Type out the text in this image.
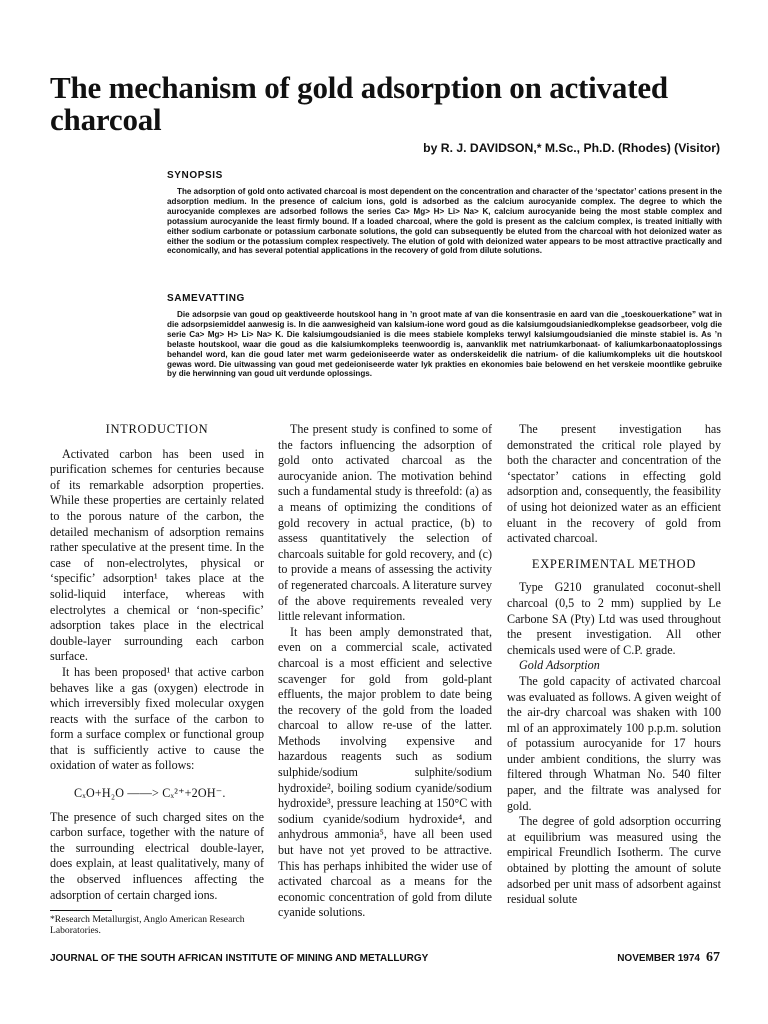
The mechanism of gold adsorption on activated charcoal
by R. J. DAVIDSON,* M.Sc., Ph.D. (Rhodes) (Visitor)
SYNOPSIS

The adsorption of gold onto activated charcoal is most dependent on the concentration and character of the ‘spectator’ cations present in the adsorption medium. In the presence of calcium ions, gold is adsorbed as the calcium aurocyanide complex. The degree to which the aurocyanide complexes are adsorbed follows the series Ca> Mg> H> Li> Na> K, calcium aurocyanide being the most stable complex and potassium aurocyanide the least firmly bound. If a loaded charcoal, where the gold is present as the calcium complex, is treated initially with either sodium carbonate or potassium carbonate solutions, the gold can subsequently be eluted from the charcoal with hot deionized water as either the sodium or the potassium complex respectively. The elution of gold with deionized water appears to be most attractive practically and economically, and has several potential applications in the recovery of gold from dilute solutions.

SAMEVATTING

Die adsorpsie van goud op geaktiveerde houtskool hang in ’n groot mate af van die konsentrasie en aard van die „toeskouerkatione” wat in die adsorpsiemiddel aanwesig is. In die aanwesigheid van kalsium-ione word goud as die kalsiumgoudsianiedkomplekse geadsorbeer, volg die serie Ca> Mg> H> Li> Na> K. Die kalsiumgoudsianied is die mees stabiele kompleks terwyl kalsiumgoudsianied die minste stabiel is. As ’n belaste houtskool, waar die goud as die kalsiumkompleks teenwoordig is, aanvanklik met natriumkarbonaat- of kaliumkarbonaatoplossings behandel word, kan die goud later met warm gedeioniseerde water as onderskeidelik die natrium- of die kaliumkompleks uit die houtskool gewas word. Die uitwassing van goud met gedeioniseerde water lyk prakties en ekonomies baie belowend en het verskeie moontlike gebruike by die herwinning van goud uit verdunde oplossings.

INTRODUCTION

Activated carbon has been used in purification schemes for centuries because of its remarkable adsorption properties. While these properties are certainly related to the porous nature of the carbon, the detailed mechanism of adsorption remains rather speculative at the present time. In the case of non-electrolytes, physical or ‘specific’ adsorption¹ takes place at the solid-liquid interface, whereas with electrolytes a chemical or ‘non-specific’ adsorption takes place in the electrical double-layer surrounding each carbon surface.

It has been proposed¹ that active carbon behaves like a gas (oxygen) electrode in which irreversibly fixed molecular oxygen reacts with the surface of the carbon to form a surface complex or functional group that is sufficiently active to cause the oxidation of water as follows:

CₓO+H₂O ——> Cₓ²⁺+2OH⁻.

The presence of such charged sites on the carbon surface, together with the nature of the surrounding electrical double-layer, does explain, at least qualitatively, many of the observed influences affecting the adsorption of certain charged ions.

The present study is confined to some of the factors influencing the adsorption of gold onto activated charcoal as the aurocyanide anion. The motivation behind such a fundamental study is threefold: (a) as a means of optimizing the conditions of gold recovery in actual practice, (b) to assess quantitatively the selection of charcoals suitable for gold recovery, and (c) to provide a means of assessing the activity of regenerated charcoals. A literature survey of the above requirements revealed very little relevant information.

It has been amply demonstrated that, even on a commercial scale, activated charcoal is a most efficient and selective scavenger for gold from gold-plant effluents, the major problem to date being the recovery of the gold from the loaded charcoal to allow re-use of the latter. Methods involving expensive and hazardous reagents such as sodium sulphide/sodium sulphite/sodium hydroxide², boiling sodium cyanide/sodium hydroxide³, pressure leaching at 150°C with sodium cyanide/sodium hydroxide⁴, and anhydrous ammonia⁵, have all been used but have not yet proved to be attractive. This has perhaps inhibited the wider use of activated charcoal as a means for the economic concentration of gold from dilute cyanide solutions.

The present investigation has demonstrated the critical role played by both the character and concentration of the ‘spectator’ cations in effecting gold adsorption and, consequently, the feasibility of using hot deionized water as an efficient eluant in the recovery of gold from activated charcoal.

EXPERIMENTAL METHOD

Type G210 granulated coconut-shell charcoal (0,5 to 2 mm) supplied by Le Carbone SA (Pty) Ltd was used throughout the present investigation. All other chemicals used were of C.P. grade.

Gold Adsorption

The gold capacity of activated charcoal was evaluated as follows. A given weight of the air-dry charcoal was shaken with 100 ml of an approximately 100 p.p.m. solution of potassium aurocyanide for 17 hours under ambient conditions, the slurry was filtered through Whatman No. 540 filter paper, and the filtrate was analysed for gold.

The degree of gold adsorption occurring at equilibrium was measured using the empirical Freundlich Isotherm. The curve obtained by plotting the amount of solute adsorbed per unit mass of adsorbent against residual solute

*Research Metallurgist, Anglo American Research Laboratories.
JOURNAL OF THE SOUTH AFRICAN INSTITUTE OF MINING AND METALLURGY	NOVEMBER 1974 67
